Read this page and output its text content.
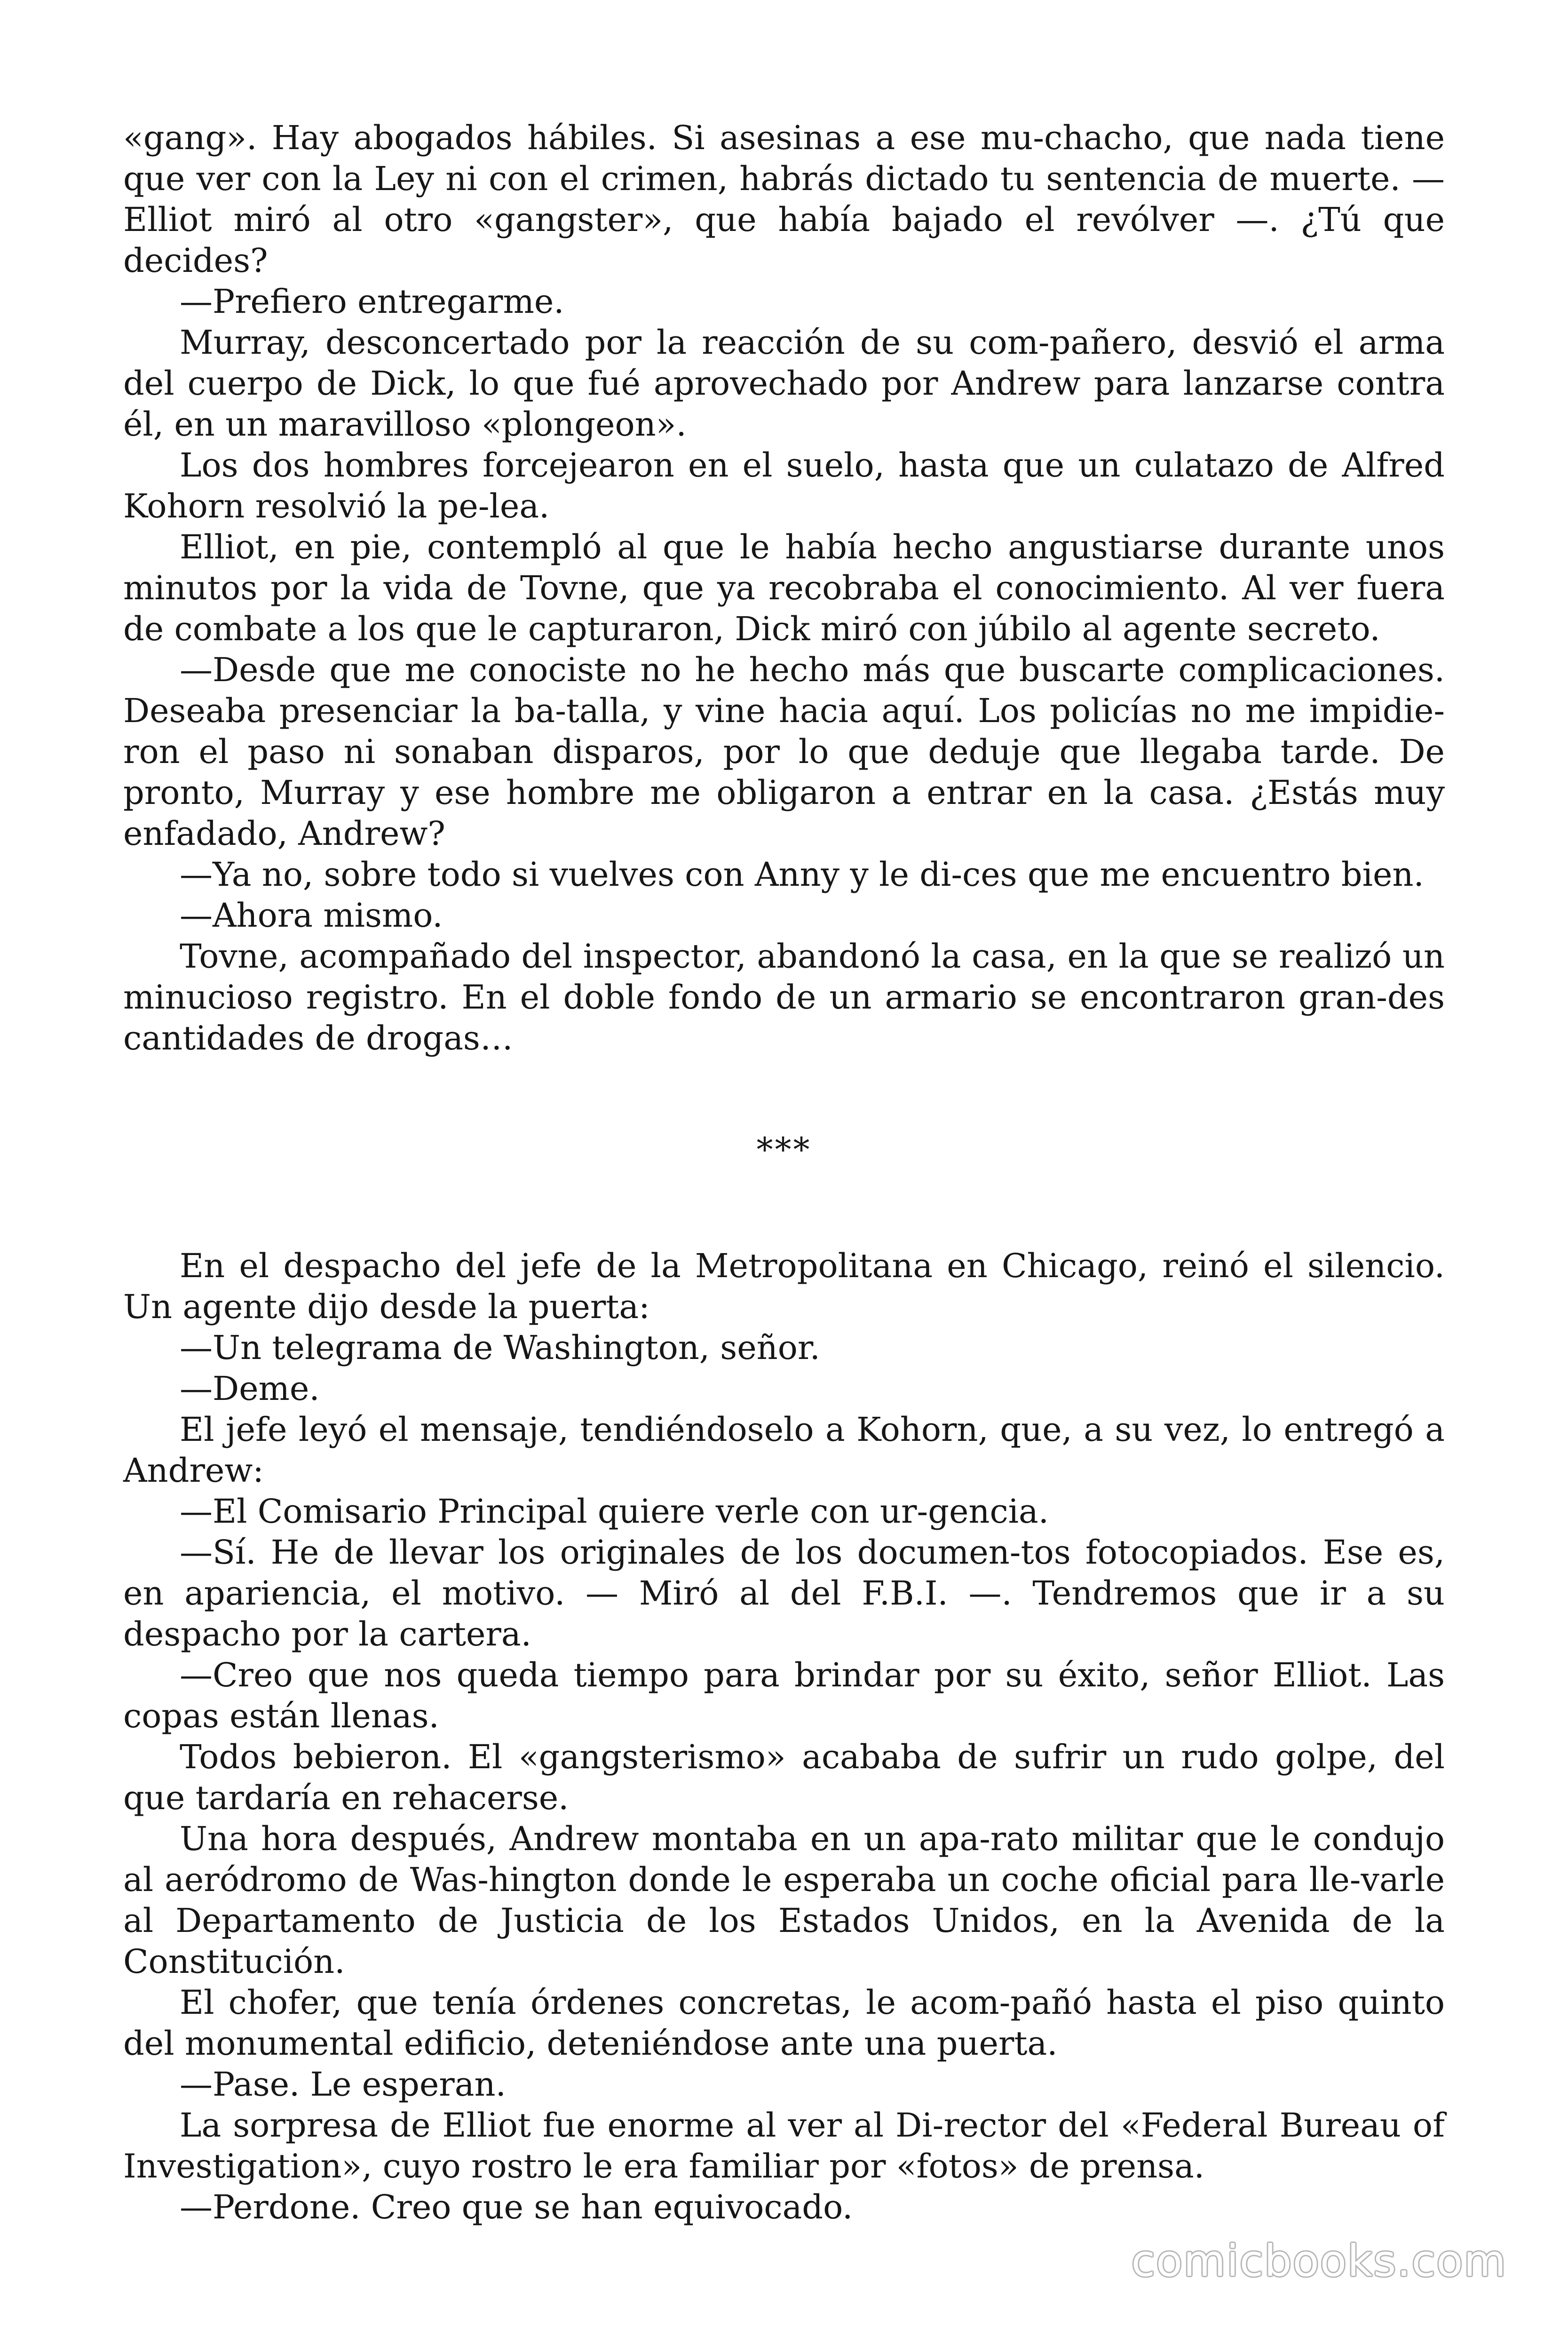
«gang». Hay abogados hábiles. Si asesinas a ese mu-chacho, que nada tiene que ver con la Ley ni con el crimen, habrás dictado tu sentencia de muerte. — Elliot miró al otro «gangster», que había bajado el revólver —. ¿Tú que decides?

—Prefiero entregarme.

Murray, desconcertado por la reacción de su com-pañero, desvió el arma del cuerpo de Dick, lo que fué aprovechado por Andrew para lanzarse contra él, en un maravilloso «plongeon».

Los dos hombres forcejearon en el suelo, hasta que un culatazo de Alfred Kohorn resolvió la pe-lea.

Elliot, en pie, contempló al que le había hecho angustiarse durante unos minutos por la vida de Tovne, que ya recobraba el conocimiento. Al ver fuera de combate a los que le capturaron, Dick miró con júbilo al agente secreto.

—Desde que me conociste no he hecho más que buscarte complicaciones. Deseaba presenciar la ba-talla, y vine hacia aquí. Los policías no me impidie-ron el paso ni sonaban disparos, por lo que deduje que llegaba tarde. De pronto, Murray y ese hombre me obligaron a entrar en la casa. ¿Estás muy enfadado, Andrew?

—Ya no, sobre todo si vuelves con Anny y le di-ces que me encuentro bien.

—Ahora mismo.

Tovne, acompañado del inspector, abandonó la casa, en la que se realizó un minucioso registro. En el doble fondo de un armario se encontraron gran-des cantidades de drogas…

***

En el despacho del jefe de la Metropolitana en Chicago, reinó el silencio. Un agente dijo desde la puerta:

—Un telegrama de Washington, señor.

—Deme.

El jefe leyó el mensaje, tendiéndoselo a Kohorn, que, a su vez, lo entregó a Andrew:

—El Comisario Principal quiere verle con ur-gencia.

—Sí. He de llevar los originales de los documen-tos fotocopiados. Ese es, en apariencia, el motivo. — Miró al del F.B.I. —. Tendremos que ir a su despacho por la cartera.

—Creo que nos queda tiempo para brindar por su éxito, señor Elliot. Las copas están llenas.

Todos bebieron. El «gangsterismo» acababa de sufrir un rudo golpe, del que tardaría en rehacerse.

Una hora después, Andrew montaba en un apa-rato militar que le condujo al aeródromo de Was-hington donde le esperaba un coche oficial para lle-varle al Departamento de Justicia de los Estados Unidos, en la Avenida de la Constitución.

El chofer, que tenía órdenes concretas, le acom-pañó hasta el piso quinto del monumental edificio, deteniéndose ante una puerta.

—Pase. Le esperan.

La sorpresa de Elliot fue enorme al ver al Di-rector del «Federal Bureau of Investigation», cuyo rostro le era familiar por «fotos» de prensa.

—Perdone. Creo que se han equivocado.

comicbooks.com
